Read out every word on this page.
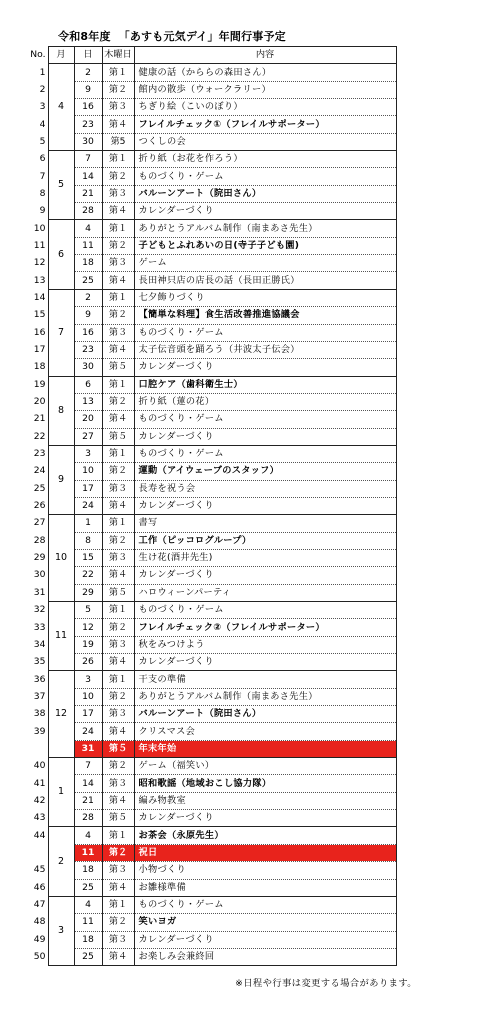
令和8年度 「あすも元気デイ」年間行事予定
No.	月	日	木曜日	内容
1	4	2	第１	健康の話（かららの森田さん）
2		9	第２	館内の散歩（ウォークラリー）
3		16	第３	ちぎり絵（こいのぼり）
4		23	第４	フレイルチェック①（フレイルサポーター）
5		30	第5	つくしの会
6	5	7	第１	折り紙（お花を作ろう）
7		14	第２	ものづくり・ゲーム
8		21	第３	バルーンアート（院田さん）
9		28	第４	カレンダーづくり
10	6	4	第１	ありがとうアルバム制作（南まあさ先生）
11		11	第２	子どもとふれあいの日(寺子子ども園)
12		18	第３	ゲーム
13		25	第４	長田神只店の店長の話（長田正勝氏）
14	7	2	第１	七夕飾りづくり
15		9	第２	【簡単な料理】食生活改善推進協議会
16		16	第３	ものづくり・ゲーム
17		23	第４	太子伝音頭を踊ろう（井波太子伝会）
18		30	第５	カレンダーづくり
19	8	6	第１	口腔ケア（歯科衛生士）
20		13	第２	折り紙（蓮の花）
21		20	第４	ものづくり・ゲーム
22		27	第５	カレンダーづくり
23	9	3	第１	ものづくり・ゲーム
24		10	第２	運動（アイウェーブのスタッフ）
25		17	第３	長寿を祝う会
26		24	第４	カレンダーづくり
27	10	1	第１	書写
28		8	第２	工作（ピッコログループ）
29		15	第３	生け花(酒井先生)
30		22	第４	カレンダーづくり
31		29	第５	ハロウィーンパーティ
32	11	5	第１	ものづくり・ゲーム
33		12	第２	フレイルチェック②（フレイルサポーター）
34		19	第３	秋をみつけよう
35		26	第４	カレンダーづくり
36	12	3	第１	干支の準備
37		10	第２	ありがとうアルバム制作（南まあさ先生）
38		17	第３	バルーンアート（院田さん）
39		24	第４	クリスマス会
		31	第５	年末年始
40	1	7	第２	ゲーム（福笑い）
41		14	第３	昭和歌謡（地域おこし協力隊）
42		21	第４	編み物教室
43		28	第５	カレンダーづくり
44	2	4	第１	お茶会（永原先生）
		11	第２	祝日
45		18	第３	小物づくり
46		25	第４	お雛様準備
47	3	4	第１	ものづくり・ゲーム
48		11	第２	笑いヨガ
49		18	第３	カレンダーづくり
50		25	第４	お楽しみ会兼終回
※日程や行事は変更する場合があります。
